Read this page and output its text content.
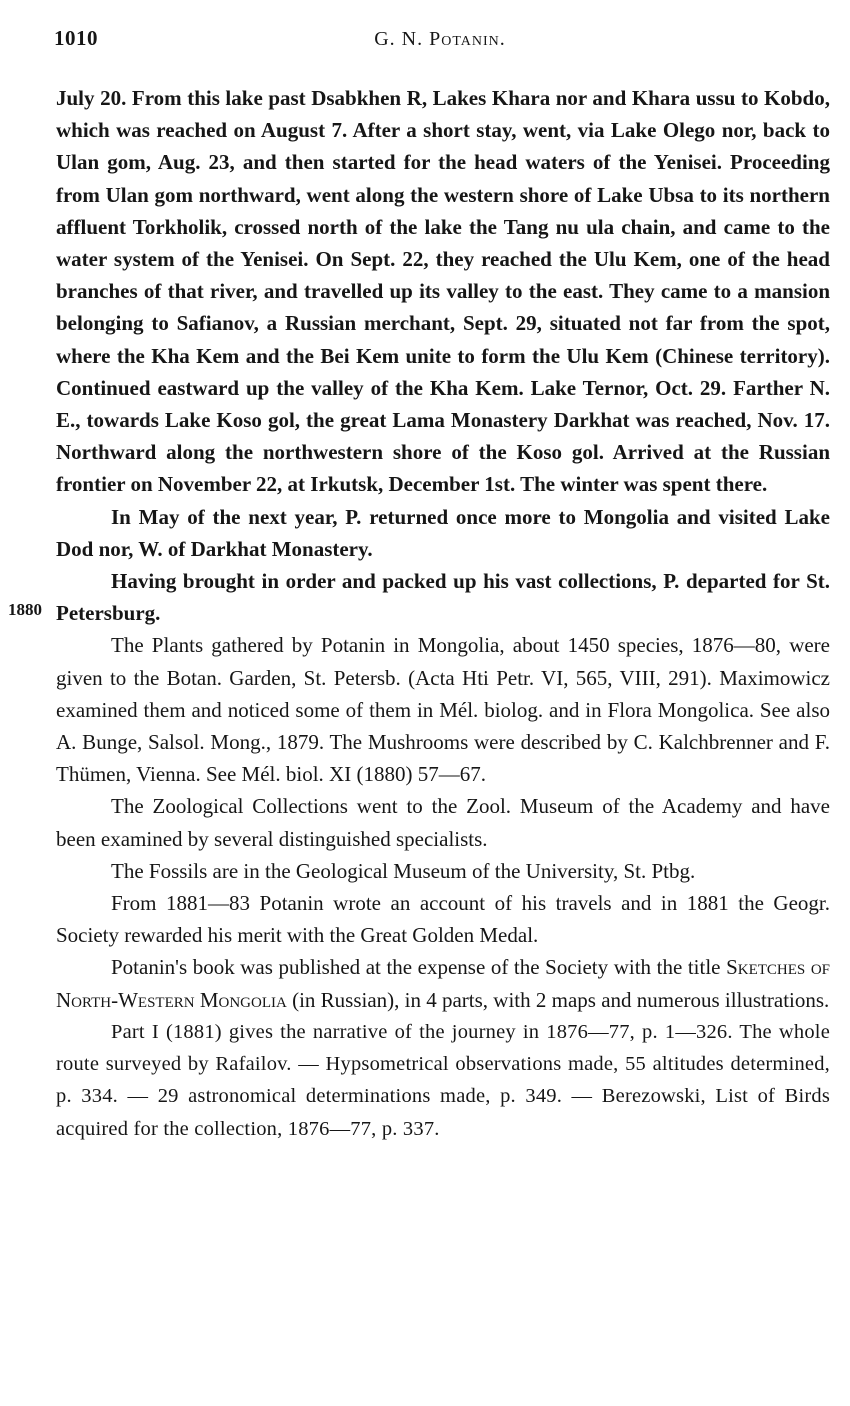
1010	G. N. Potanin.
1880

July 20. From this lake past Dsabkhen R, Lakes Khara nor and Khara ussu to Kobdo, which was reached on August 7. After a short stay, went, via Lake Olego nor, back to Ulan gom, Aug. 23, and then started for the head waters of the Yenisei. Proceeding from Ulan gom northward, went along the western shore of Lake Ubsa to its northern affluent Torkholik, crossed north of the lake the Tang nu ula chain, and came to the water system of the Yenisei. On Sept. 22, they reached the Ulu Kem, one of the head branches of that river, and travelled up its valley to the east. They came to a mansion belonging to Safianov, a Russian merchant, Sept. 29, situated not far from the spot, where the Kha Kem and the Bei Kem unite to form the Ulu Kem (Chinese territory). Continued eastward up the valley of the Kha Kem. Lake Ternor, Oct. 29. Farther N. E., towards Lake Koso gol, the great Lama Monastery Darkhat was reached, Nov. 17. Northward along the northwestern shore of the Koso gol. Arrived at the Russian frontier on November 22, at Irkutsk, December 1st. The winter was spent there.

In May of the next year, P. returned once more to Mongolia and visited Lake Dod nor, W. of Darkhat Monastery.

Having brought in order and packed up his vast collections, P. departed for St. Petersburg.

The Plants gathered by Potanin in Mongolia, about 1450 species, 1876—80, were given to the Botan. Garden, St. Petersb. (Acta Hti Petr. VI, 565, VIII, 291). Maximowicz examined them and noticed some of them in Mél. biolog. and in Flora Mongolica. See also A. Bunge, Salsol. Mong., 1879. The Mushrooms were described by C. Kalchbrenner and F. Thümen, Vienna. See Mél. biol. XI (1880) 57—67.

The Zoological Collections went to the Zool. Museum of the Academy and have been examined by several distinguished specialists.

The Fossils are in the Geological Museum of the University, St. Ptbg.

From 1881—83 Potanin wrote an account of his travels and in 1881 the Geogr. Society rewarded his merit with the Great Golden Medal.

Potanin's book was published at the expense of the Society with the title Sketches of North-Western Mongolia (in Russian), in 4 parts, with 2 maps and numerous illustrations.

Part I (1881) gives the narrative of the journey in 1876—77, p. 1—326. The whole route surveyed by Rafailov. — Hypsometrical observations made, 55 altitudes determined, p. 334. — 29 astronomical determinations made, p. 349. — Berezowski, List of Birds acquired for the collection, 1876—77, p. 337.
